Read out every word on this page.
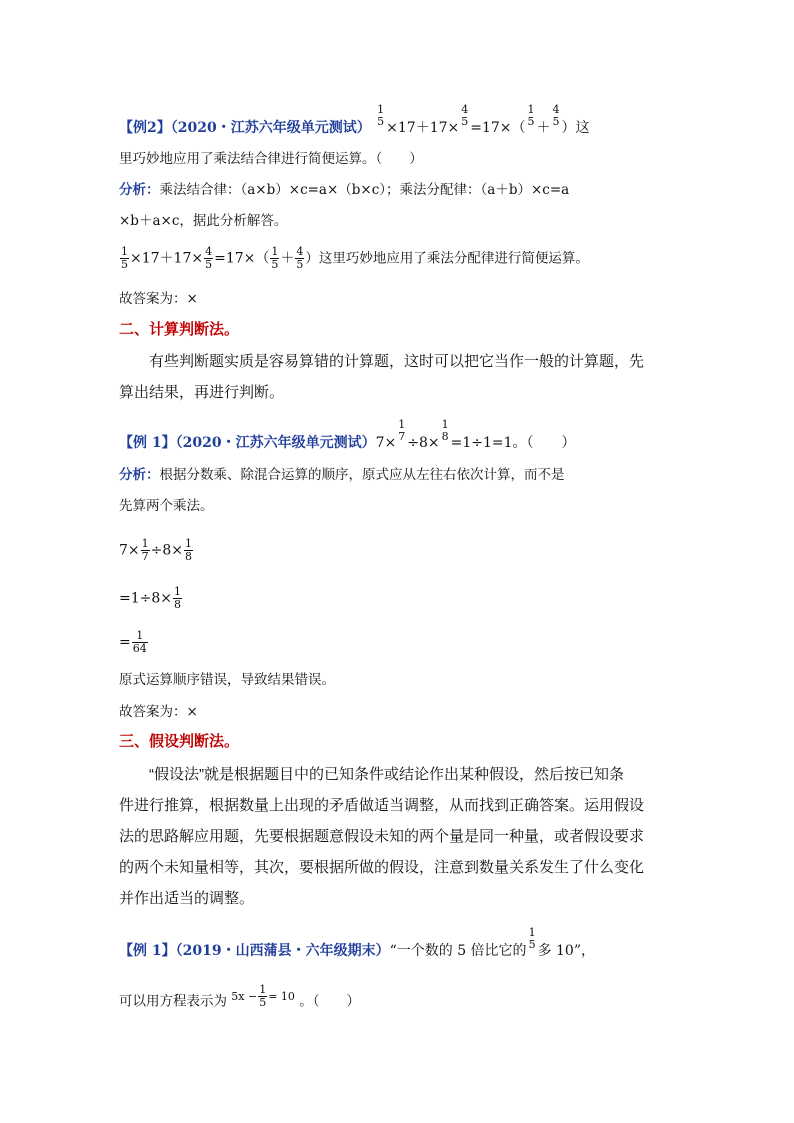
【例2】（2020・江苏六年级单元测试）
1
5 ×17＋17×
4
5 =17×（
1
5 ＋
4
5 ）这
里巧妙地应用了乘法结合律进行简便运算。（　　）
分析：乘法结合律：（a×b）×c=a×（b×c）；乘法分配律：（a＋b）×c=a
×b＋a×c，据此分析解答。
$\frac{1}{5} \times 17+17\times \frac{4}{5} =17\times( \frac{1}{5} + \frac{4}{5}$ ）这里巧妙地应用了乘法分配律进行简便运算。
故答案为：×
二、计算判断法。
有些判断题实质是容易算错的计算题，这时可以把它当作一般的计算题，先
算出结果，再进行判断。
【例 1】（2020・江苏六年级单元测试）7×
1
7 ÷8×
1
8 =1÷1=1。（　　）
分析：根据分数乘、除混合运算的顺序，原式应从左往右依次计算，而不是
先算两个乘法。
$7\times \frac{1}{7} \div 8\times \frac{1}{8}$
$=1\div 8\times \frac{1}{8}$
= $\frac{1}{64}$
原式运算顺序错误，导致结果错误。
故答案为：×
三、假设判断法。
“假设法”就是根据题目中的已知条件或结论作出某种假设，然后按已知条
件进行推算，根据数量上出现的矛盾做适当调整，从而找到正确答案。运用假设
法的思路解应用题，先要根据题意假设未知的两个量是同一种量，或者假设要求
的两个未知量相等，其次，要根据所做的假设，注意到数量关系发生了什么变化
并作出适当的调整。
【例 1】（2019・山西蒲县・六年级期末）“一个数的 5 倍比它的
1
5 多 10”，
可以用方程表示为 $^{5x - \frac{1}{5} = 10}$ 。（　　）
